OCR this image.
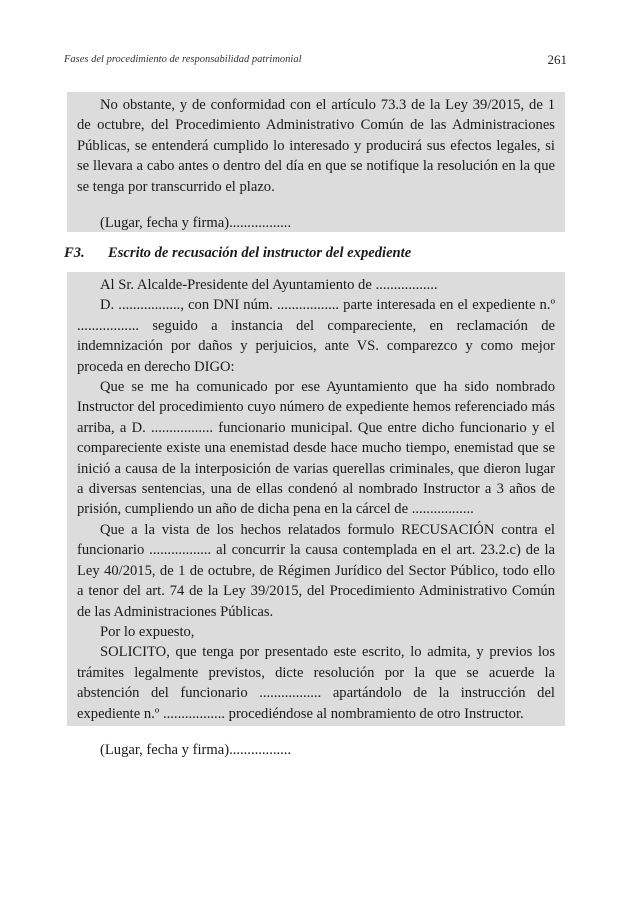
Fases del procedimiento de responsabilidad patrimonial	261

No obstante, y de conformidad con el artículo 73.3 de la Ley 39/2015, de 1 de octubre, del Procedimiento Administrativo Común de las Administraciones Públicas, se entenderá cumplido lo interesado y producirá sus efectos legales, si se llevara a cabo antes o dentro del día en que se notifique la resolución en la que se tenga por transcurrido el plazo.

(Lugar, fecha y firma).................

F3. Escrito de recusación del instructor del expediente

Al Sr. Alcalde-Presidente del Ayuntamiento de .................

D. ................., con DNI núm. ................. parte interesada en el expediente n.º ................. seguido a instancia del compareciente, en reclamación de indemnización por daños y perjuicios, ante VS. comparezco y como mejor proceda en derecho DIGO:

Que se me ha comunicado por ese Ayuntamiento que ha sido nombrado Instructor del procedimiento cuyo número de expediente hemos referenciado más arriba, a D. ................. funcionario municipal. Que entre dicho funcionario y el compareciente existe una enemistad desde hace mucho tiempo, enemistad que se inició a causa de la interposición de varias querellas criminales, que dieron lugar a diversas sentencias, una de ellas condenó al nombrado Instructor a 3 años de prisión, cumpliendo un año de dicha pena en la cárcel de .................

Que a la vista de los hechos relatados formulo RECUSACIÓN contra el funcionario ................. al concurrir la causa contemplada en el art. 23.2.c) de la Ley 40/2015, de 1 de octubre, de Régimen Jurídico del Sector Público, todo ello a tenor del art. 74 de la Ley 39/2015, del Procedimiento Administrativo Común de las Administraciones Públicas.

Por lo expuesto,

SOLICITO, que tenga por presentado este escrito, lo admita, y previos los trámites legalmente previstos, dicte resolución por la que se acuerde la abstención del funcionario ................. apartándolo de la instrucción del expediente n.º ................. procediéndose al nombramiento de otro Instructor.

(Lugar, fecha y firma).................
